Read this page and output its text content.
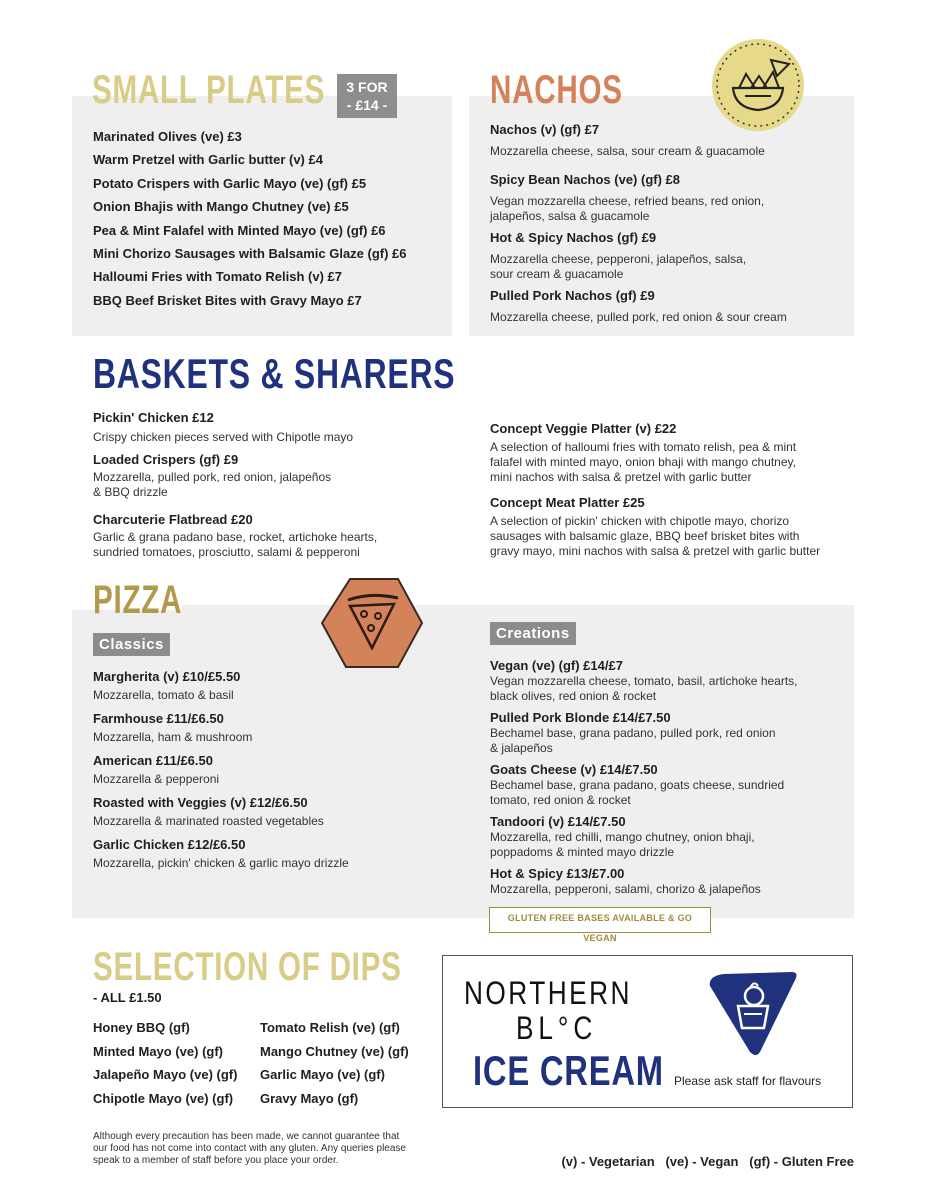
SMALL PLATES	3 FOR
- £14 -
Marinated Olives (ve) £3
Warm Pretzel with Garlic butter (v) £4
Potato Crispers with Garlic Mayo (ve) (gf) £5
Onion Bhajis with Mango Chutney (ve) £5
Pea & Mint Falafel with Minted Mayo (ve) (gf) £6
Mini Chorizo Sausages with Balsamic Glaze (gf) £6
Halloumi Fries with Tomato Relish (v) £7
BBQ Beef Brisket Bites with Gravy Mayo £7
NACHOS
Nachos (v) (gf) £7
Mozzarella cheese, salsa, sour cream & guacamole
Spicy Bean Nachos (ve) (gf) £8
Vegan mozzarella cheese, refried beans, red onion,
jalapeños, salsa & guacamole
Hot & Spicy Nachos (gf) £9
Mozzarella cheese, pepperoni, jalapeños, salsa,
sour cream & guacamole
Pulled Pork Nachos (gf) £9
Mozzarella cheese, pulled pork, red onion & sour cream
BASKETS & SHARERS
Pickin' Chicken £12
Crispy chicken pieces served with Chipotle mayo
Loaded Crispers (gf) £9
Mozzarella, pulled pork, red onion, jalapeños
& BBQ drizzle
Charcuterie Flatbread £20
Garlic & grana padano base, rocket, artichoke hearts,
sundried tomatoes, prosciutto, salami & pepperoni
Concept Veggie Platter (v) £22
A selection of halloumi fries with tomato relish, pea & mint
falafel with minted mayo, onion bhaji with mango chutney,
mini nachos with salsa & pretzel with garlic butter
Concept Meat Platter £25
A selection of pickin' chicken with chipotle mayo, chorizo
sausages with balsamic glaze, BBQ beef brisket bites with
gravy mayo, mini nachos with salsa & pretzel with garlic butter
PIZZA
Classics
Creations
Margherita (v) £10/£5.50
Mozzarella, tomato & basil
Farmhouse £11/£6.50
Mozzarella, ham & mushroom
American £11/£6.50
Mozzarella & pepperoni
Roasted with Veggies (v) £12/£6.50
Mozzarella & marinated roasted vegetables
Garlic Chicken £12/£6.50
Mozzarella, pickin' chicken & garlic mayo drizzle
Vegan (ve) (gf) £14/£7
Vegan mozzarella cheese, tomato, basil, artichoke hearts,
black olives, red onion & rocket
Pulled Pork Blonde £14/£7.50
Bechamel base, grana padano, pulled pork, red onion
& jalapeños
Goats Cheese (v) £14/£7.50
Bechamel base, grana padano, goats cheese, sundried
tomato, red onion & rocket
Tandoori (v) £14/£7.50
Mozzarella, red chilli, mango chutney, onion bhaji,
poppadoms & minted mayo drizzle
Hot & Spicy £13/£7.00
Mozzarella, pepperoni, salami, chorizo & jalapeños
GLUTEN FREE BASES AVAILABLE & GO VEGAN
SELECTION OF DIPS
- ALL £1.50
Honey BBQ (gf)
Minted Mayo (ve) (gf)
Jalapeño Mayo (ve) (gf)
Chipotle Mayo (ve) (gf)
Tomato Relish (ve) (gf)
Mango Chutney (ve) (gf)
Garlic Mayo (ve) (gf)
Gravy Mayo (gf)
NORTHERN
BL°C
ICE CREAM Please ask staff for flavours
Although every precaution has been made, we cannot guarantee that
our food has not come into contact with any gluten. Any queries please
speak to a member of staff before you place your order.	(v) - Vegetarian   (ve) - Vegan   (gf) - Gluten Free
